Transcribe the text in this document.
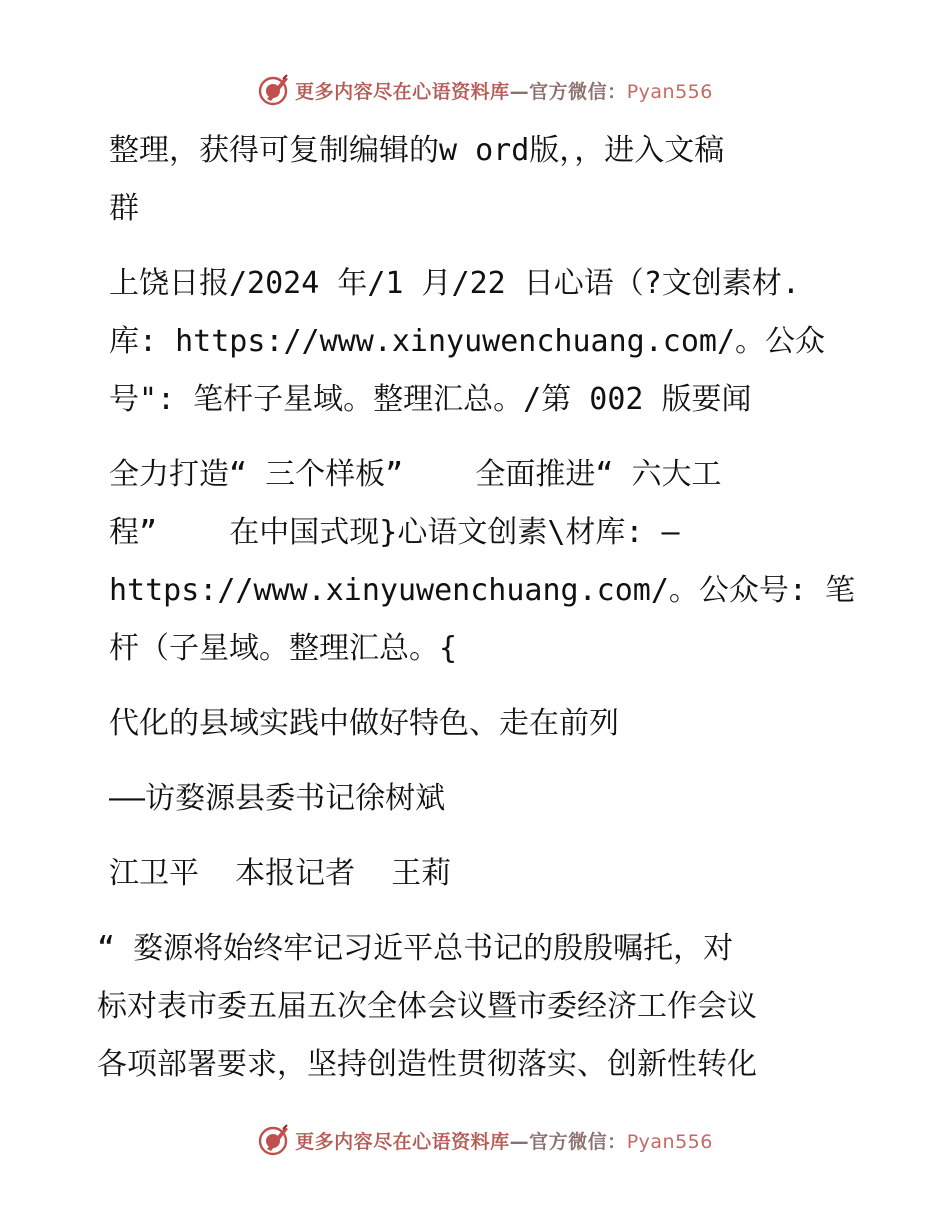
更多内容尽在心语资料库—官方微信：Pyan556

整理，获得可复制编辑的w ord版，，进入文稿
群

上饶日报/2024 年/1 月/22 日心语（?文创素材.
库: https://www.xinyuwenchuang.com/。公众
号": 笔杆子星域。整理汇总。/第 002 版要闻

全力打造“ 三个样板”    全面推进“ 六大工
程”    在中国式现}心语文创素\材库: —
https://www.xinyuwenchuang.com/。公众号: 笔
杆（子星域。整理汇总。{

代化的县域实践中做好特色、走在前列

——访婺源县委书记徐树斌

江卫平  本报记者  王莉

“ 婺源将始终牢记习近平总书记的殷殷嘱托，对
标对表市委五届五次全体会议暨市委经济工作会议
各项部署要求，坚持创造性贯彻落实、创新性转化

更多内容尽在心语资料库—官方微信：Pyan556
